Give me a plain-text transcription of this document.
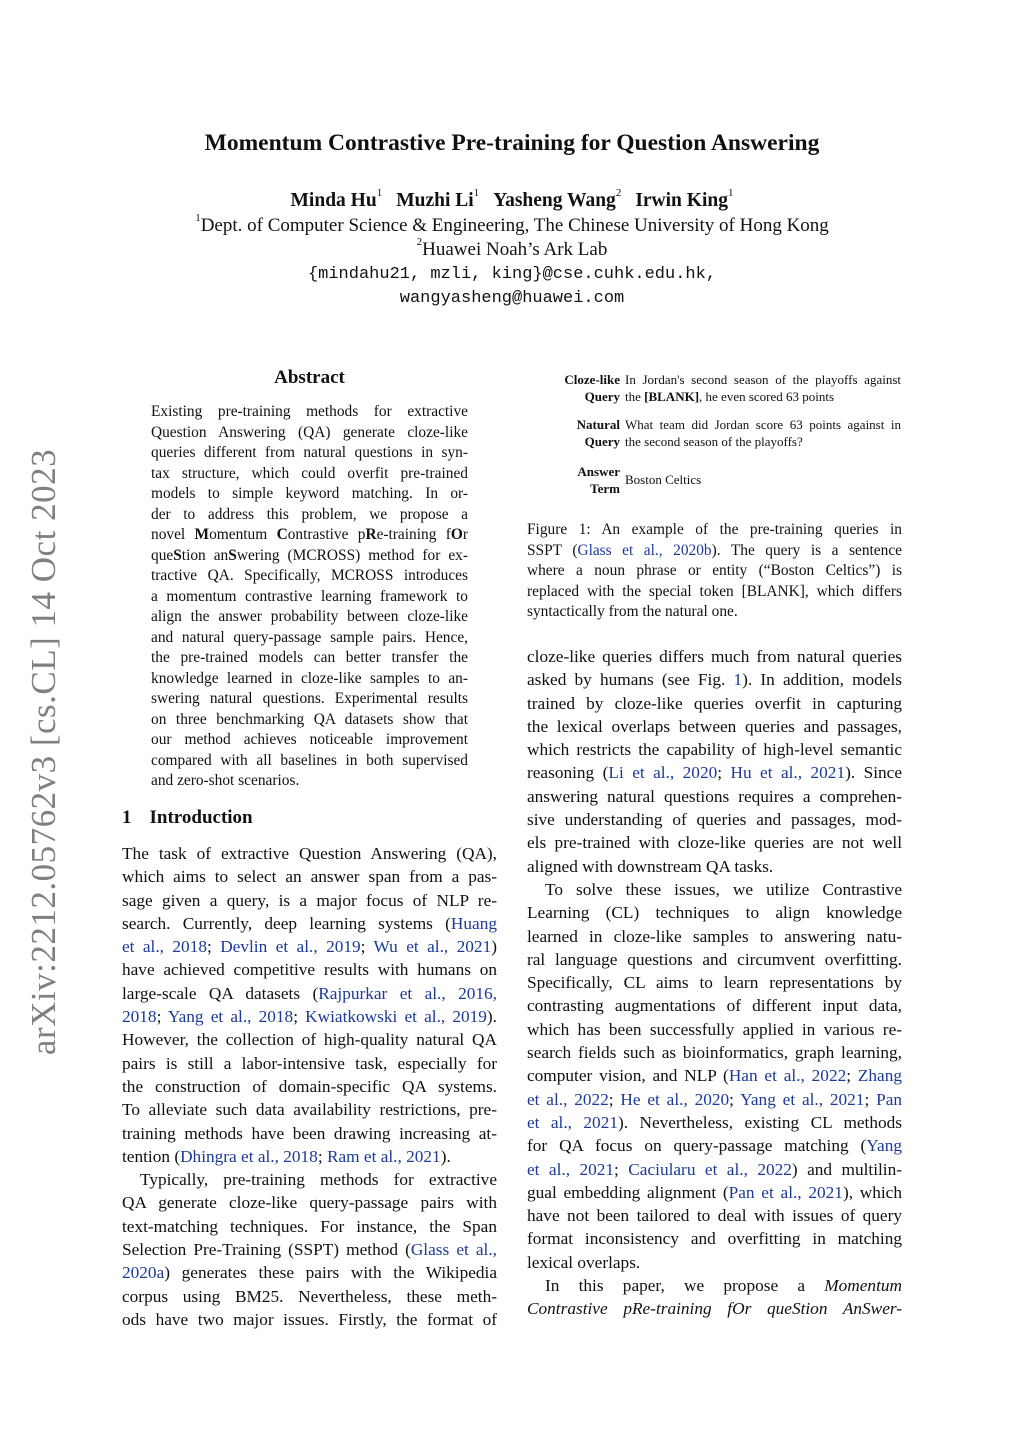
Momentum Contrastive Pre-training for Question Answering
Minda Hu$^1$ Muzhi Li$^1$ Yasheng Wang$^2$ Irwin King$^1$
$^1$Dept. of Computer Science & Engineering, The Chinese University of Hong Kong
$^2$Huawei Noah’s Ark Lab
{mindahu21, mzli, king}@cse.cuhk.edu.hk,
wangyasheng@huawei.com
arXiv:2212.05762v3 [cs.CL] 14 Oct 2023
Abstract
Existing pre-training methods for extractive
Question Answering (QA) generate cloze-like
queries different from natural questions in syn-
tax structure, which could overfit pre-trained
models to simple keyword matching. In or-
der to address this problem, we propose a
novel Momentum Contrastive pRe-training fOr
queStion anSwering (MCROSS) method for ex-
tractive QA. Specifically, MCROSS introduces
a momentum contrastive learning framework to
align the answer probability between cloze-like
and natural query-passage sample pairs. Hence,
the pre-trained models can better transfer the
knowledge learned in cloze-like samples to an-
swering natural questions. Experimental results
on three benchmarking QA datasets show that
our method achieves noticeable improvement
compared with all baselines in both supervised
and zero-shot scenarios.
1 Introduction
The task of extractive Question Answering (QA),
which aims to select an answer span from a pas-
sage given a query, is a major focus of NLP re-
search. Currently, deep learning systems (Huang
et al., 2018; Devlin et al., 2019; Wu et al., 2021)
have achieved competitive results with humans on
large-scale QA datasets (Rajpurkar et al., 2016,
2018; Yang et al., 2018; Kwiatkowski et al., 2019).
However, the collection of high-quality natural QA
pairs is still a labor-intensive task, especially for
the construction of domain-specific QA systems.
To alleviate such data availability restrictions, pre-
training methods have been drawing increasing at-
tention (Dhingra et al., 2018; Ram et al., 2021).
Typically, pre-training methods for extractive
QA generate cloze-like query-passage pairs with
text-matching techniques. For instance, the Span
Selection Pre-Training (SSPT) method (Glass et al.,
2020a) generates these pairs with the Wikipedia
corpus using BM25. Nevertheless, these meth-
ods have two major issues. Firstly, the format of
Cloze-like
Query
In Jordan's second season of the playoffs against
the [BLANK], he even scored 63 points
Natural
Query
What team did Jordan score 63 points against in
the second season of the playoffs?
Answer
Term
Boston Celtics
Figure 1: An example of the pre-training queries in
SSPT (Glass et al., 2020b). The query is a sentence
where a noun phrase or entity (“Boston Celtics”) is
replaced with the special token [BLANK], which differs
syntactically from the natural one.
cloze-like queries differs much from natural queries
asked by humans (see Fig. 1). In addition, models
trained by cloze-like queries overfit in capturing
the lexical overlaps between queries and passages,
which restricts the capability of high-level semantic
reasoning (Li et al., 2020; Hu et al., 2021). Since
answering natural questions requires a comprehen-
sive understanding of queries and passages, mod-
els pre-trained with cloze-like queries are not well
aligned with downstream QA tasks.
To solve these issues, we utilize Contrastive
Learning (CL) techniques to align knowledge
learned in cloze-like samples to answering natu-
ral language questions and circumvent overfitting.
Specifically, CL aims to learn representations by
contrasting augmentations of different input data,
which has been successfully applied in various re-
search fields such as bioinformatics, graph learning,
computer vision, and NLP (Han et al., 2022; Zhang
et al., 2022; He et al., 2020; Yang et al., 2021; Pan
et al., 2021). Nevertheless, existing CL methods
for QA focus on query-passage matching (Yang
et al., 2021; Caciularu et al., 2022) and multilin-
gual embedding alignment (Pan et al., 2021), which
have not been tailored to deal with issues of query
format inconsistency and overfitting in matching
lexical overlaps.
In this paper, we propose a Momentum
Contrastive pRe-training fOr queStion AnSwer-
